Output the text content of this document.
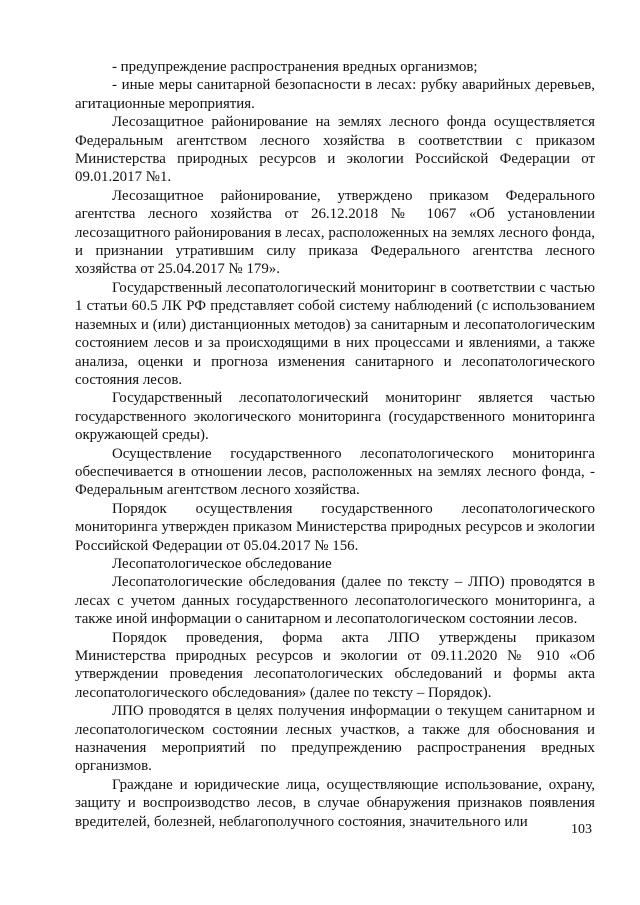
- предупреждение распространения вредных организмов;

- иные меры санитарной безопасности в лесах: рубку аварийных деревьев, агитационные мероприятия.

Лесозащитное районирование на землях лесного фонда осуществляется Федеральным агентством лесного хозяйства в соответствии с приказом Министерства природных ресурсов и экологии Российской Федерации от 09.01.2017 №1.

Лесозащитное районирование, утверждено приказом Федерального агентства лесного хозяйства от 26.12.2018 № 1067 «Об установлении лесозащитного районирования в лесах, расположенных на землях лесного фонда, и признании утратившим силу приказа Федерального агентства лесного хозяйства от 25.04.2017 № 179».

Государственный лесопатологический мониторинг в соответствии с частью 1 статьи 60.5 ЛК РФ представляет собой систему наблюдений (с использованием наземных и (или) дистанционных методов) за санитарным и лесопатологическим состоянием лесов и за происходящими в них процессами и явлениями, а также анализа, оценки и прогноза изменения санитарного и лесопатологического состояния лесов.

Государственный лесопатологический мониторинг является частью государственного экологического мониторинга (государственного мониторинга окружающей среды).

Осуществление государственного лесопатологического мониторинга обеспечивается в отношении лесов, расположенных на землях лесного фонда, - Федеральным агентством лесного хозяйства.

Порядок осуществления государственного лесопатологического мониторинга утвержден приказом Министерства природных ресурсов и экологии Российской Федерации от 05.04.2017 № 156.

Лесопатологическое обследование

Лесопатологические обследования (далее по тексту – ЛПО) проводятся в лесах с учетом данных государственного лесопатологического мониторинга, а также иной информации о санитарном и лесопатологическом состоянии лесов.

Порядок проведения, форма акта ЛПО утверждены приказом Министерства природных ресурсов и экологии от 09.11.2020 № 910 «Об утверждении проведения лесопатологических обследований и формы акта лесопатологического обследования» (далее по тексту – Порядок).

ЛПО проводятся в целях получения информации о текущем санитарном и лесопатологическом состоянии лесных участков, а также для обоснования и назначения мероприятий по предупреждению распространения вредных организмов.

Граждане и юридические лица, осуществляющие использование, охрану, защиту и воспроизводство лесов, в случае обнаружения признаков появления вредителей, болезней, неблагополучного состояния, значительного или	103
